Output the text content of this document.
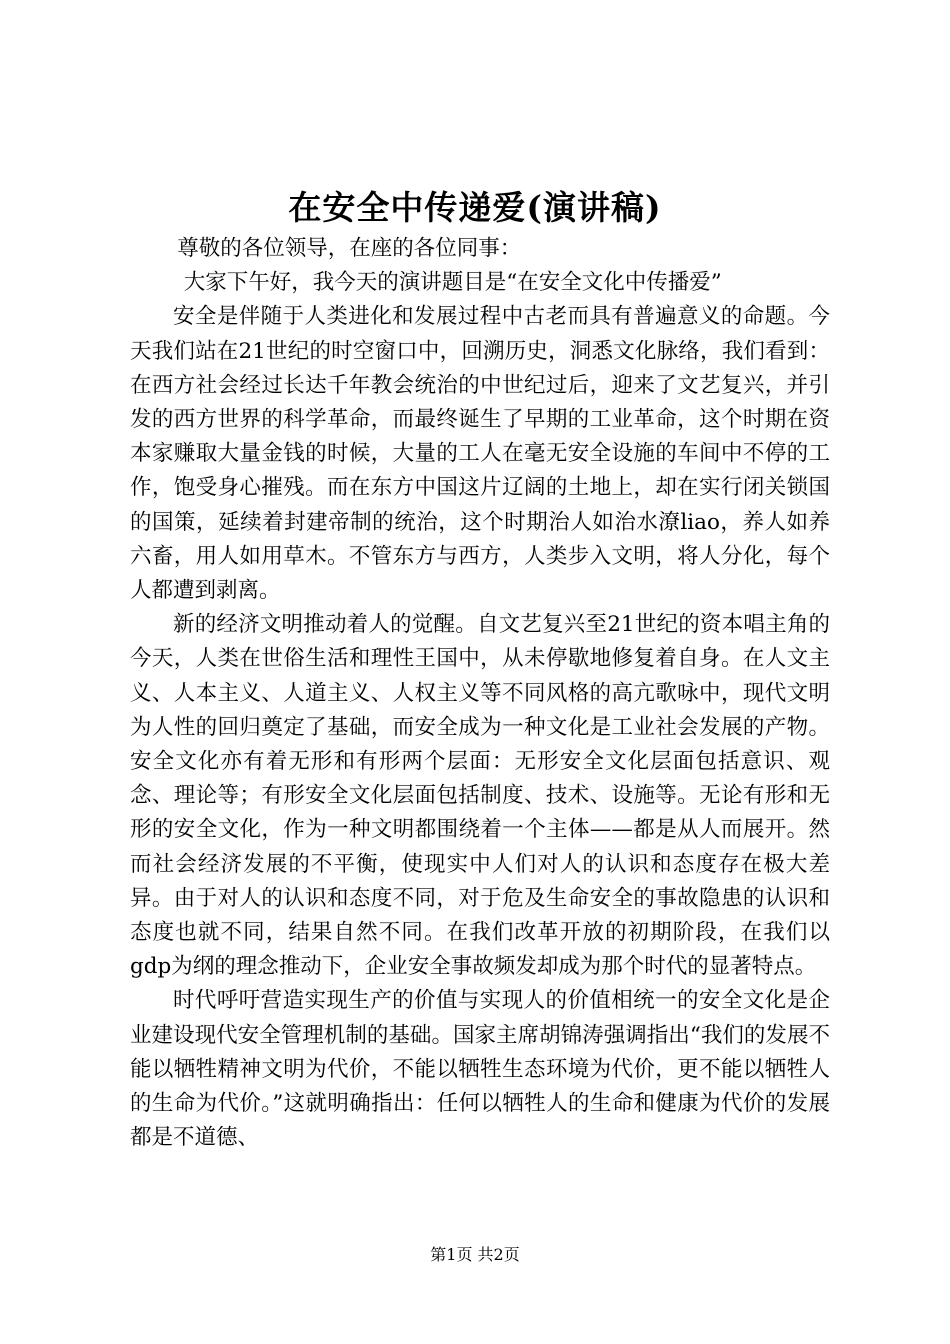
在安全中传递爱(演讲稿)

尊敬的各位领导，在座的各位同事：

大家下午好，我今天的演讲题目是“在安全文化中传播爱”

安全是伴随于人类进化和发展过程中古老而具有普遍意义的命题。今天我们站在21世纪的时空窗口中，回溯历史，洞悉文化脉络，我们看到：在西方社会经过长达千年教会统治的中世纪过后，迎来了文艺复兴，并引发的西方世界的科学革命，而最终诞生了早期的工业革命，这个时期在资本家赚取大量金钱的时候，大量的工人在毫无安全设施的车间中不停的工作，饱受身心摧残。而在东方中国这片辽阔的土地上，却在实行闭关锁国的国策，延续着封建帝制的统治，这个时期治人如治水潦liao，养人如养六畜，用人如用草木。不管东方与西方，人类步入文明，将人分化，每个人都遭到剥离。

新的经济文明推动着人的觉醒。自文艺复兴至21世纪的资本唱主角的今天，人类在世俗生活和理性王国中，从未停歇地修复着自身。在人文主义、人本主义、人道主义、人权主义等不同风格的高亢歌咏中，现代文明为人性的回归奠定了基础，而安全成为一种文化是工业社会发展的产物。安全文化亦有着无形和有形两个层面：无形安全文化层面包括意识、观念、理论等；有形安全文化层面包括制度、技术、设施等。无论有形和无形的安全文化，作为一种文明都围绕着一个主体——都是从人而展开。然而社会经济发展的不平衡，使现实中人们对人的认识和态度存在极大差异。由于对人的认识和态度不同，对于危及生命安全的事故隐患的认识和态度也就不同，结果自然不同。在我们改革开放的初期阶段，在我们以gdp为纲的理念推动下，企业安全事故频发却成为那个时代的显著特点。

时代呼吁营造实现生产的价值与实现人的价值相统一的安全文化是企业建设现代安全管理机制的基础。国家主席胡锦涛强调指出“我们的发展不能以牺牲精神文明为代价，不能以牺牲生态环境为代价，更不能以牺牲人的生命为代价。”这就明确指出：任何以牺牲人的生命和健康为代价的发展都是不道德、

第1页 共2页
